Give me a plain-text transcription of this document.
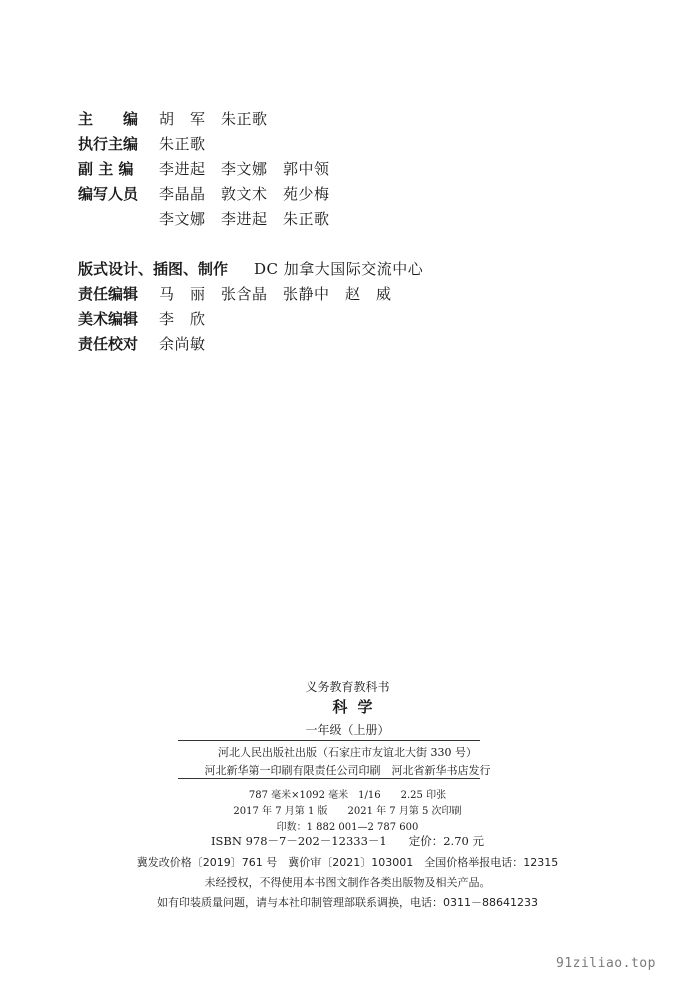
主　　编 胡　军　朱正歌
执行主编 朱正歌
副 主 编 李进起　李文娜　郭中领
编写人员 李晶晶　敦文术　苑少梅
李文娜　李进起　朱正歌
版式设计、插图、制作 DC 加拿大国际交流中心
责任编辑 马　丽　张含晶　张静中　赵　威
美术编辑 李　欣
责任校对 余尚敏
义务教育教科书
科学
一年级（上册）
河北人民出版社出版（石家庄市友谊北大街 330 号）
河北新华第一印刷有限责任公司印刷　河北省新华书店发行
787 毫米×1092 毫米　1/16　　2.25 印张
2017 年 7 月第 1 版　　2021 年 7 月第 5 次印刷
印数：1 882 001—2 787 600
ISBN 978－7－202－12333－1 定价：2.70 元
冀发改价格〔2019〕761 号　冀价审〔2021〕103001　全国价格举报电话：12315
未经授权，不得使用本书图文制作各类出版物及相关产品。
如有印装质量问题，请与本社印制管理部联系调换，电话：0311－88641233
91ziliao.top
